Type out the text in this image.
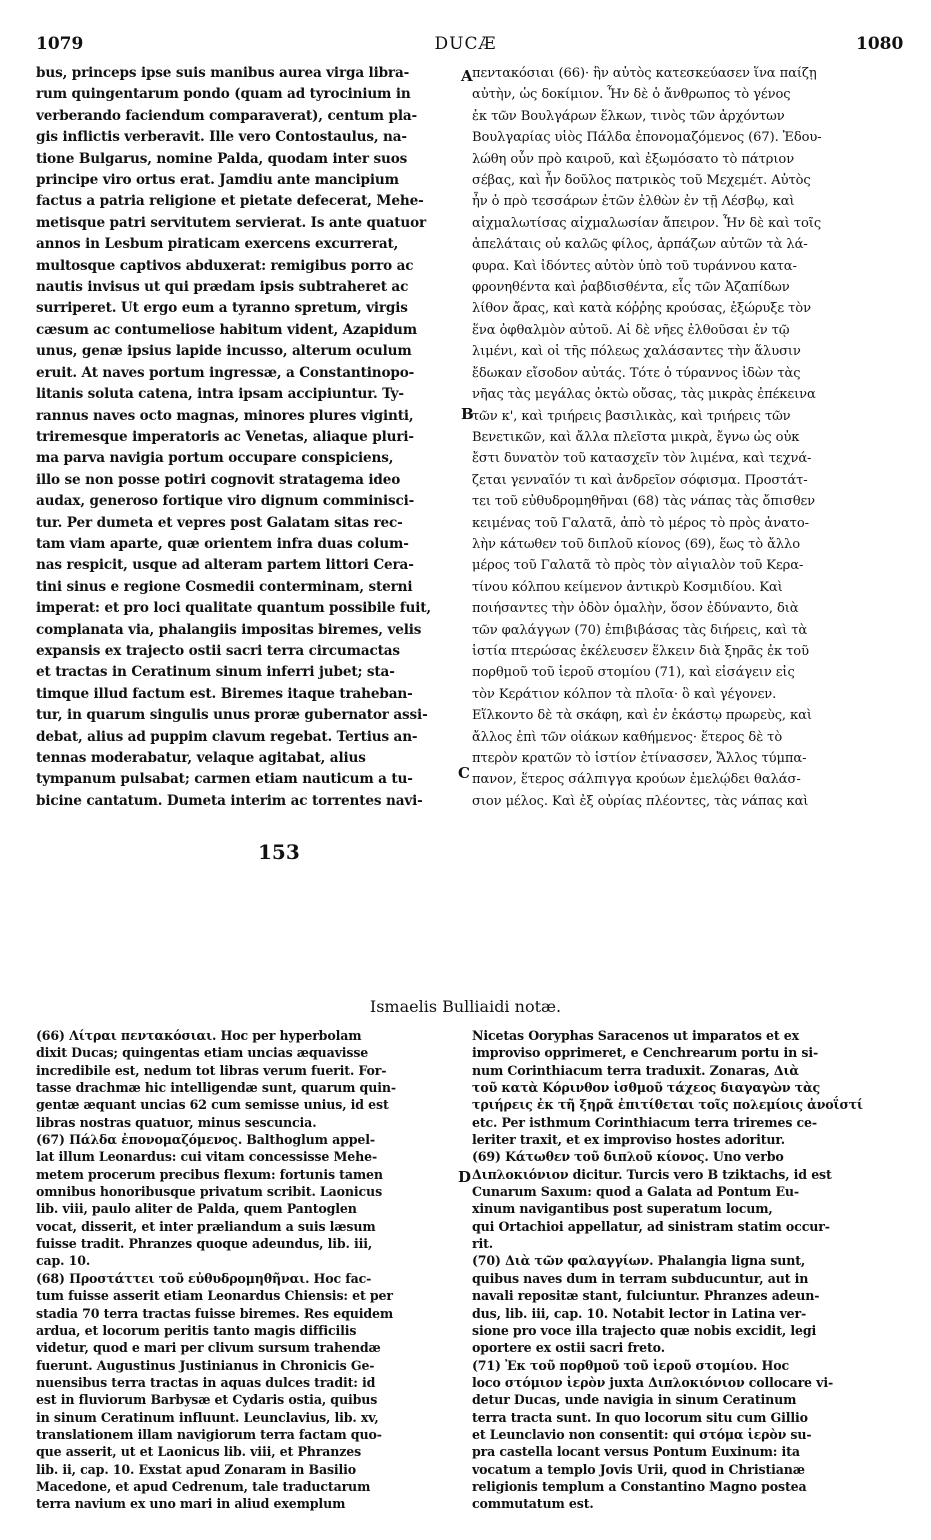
1079	DUCÆ	1080
bus, princeps ipse suis manibus aurea virga libra-
rum quingentarum pondo (quam ad tyrocinium in
verberando faciendum comparaverat), centum pla-
gis inflictis verberavit. Ille vero Contostaulus, na-
tione Bulgarus, nomine Palda, quodam inter suos
principe viro ortus erat. Jamdiu ante mancipium
factus a patria religione et pietate defecerat, Mehe-
metisque patri servitutem servierat. Is ante quatuor
annos in Lesbum piraticam exercens excurrerat,
multosque captivos abduxerat: remigibus porro ac
nautis invisus ut qui prædam ipsis subtraheret ac
surriperet. Ut ergo eum a tyranno spretum, virgis
cæsum ac contumeliose habitum vident, Azapidum
unus, genæ ipsius lapide incusso, alterum oculum
eruit. At naves portum ingressæ, a Constantinopo-
litanis soluta catena, intra ipsam accipiuntur. Ty-
rannus naves octo magnas, minores plures viginti,
triremesque imperatoris ac Venetas, aliaque pluri-
ma parva navigia portum occupare conspiciens,
illo se non posse potiri cognovit stratagema ideo
audax, generoso fortique viro dignum comminisci-
tur. Per dumeta et vepres post Galatam sitas rec-
tam viam aparte, quæ orientem infra duas colum-
nas respicit, usque ad alteram partem littori Cera-
tini sinus e regione Cosmedii conterminam, sterni
imperat: et pro loci qualitate quantum possibile fuit,
complanata via, phalangiis impositas biremes, velis
expansis ex trajecto ostii sacri terra circumactas
et tractas in Ceratinum sinum inferri jubet; sta-
timque illud factum est. Biremes itaque traheban-
tur, in quarum singulis unus proræ gubernator assi-
debat, alius ad puppim clavum regebat. Tertius an-
tennas moderabatur, velaque agitabat, alius
tympanum pulsabat; carmen etiam nauticum a tu-
bicine cantatum. Dumeta interim ac torrentes navi-
πεντακόσιαι (66)· ἣν αὐτὸς κατεσκεύασεν ἵνα παίζῃ
αὐτὴν, ὡς δοκίμιον. Ἦν δὲ ὁ ἄνθρωπος τὸ γένος
ἐκ τῶν Βουλγάρων ἕλκων, τινὸς τῶν ἀρχόντων
Βουλγαρίας υἱὸς Πάλδα ἐπονομαζόμενος (67). Ἐδου-
λώθη οὖν πρὸ καιροῦ, καὶ ἐξωμόσατο τὸ πάτριον
σέβας, καὶ ἦν δοῦλος πατρικὸς τοῦ Μεχεμέτ. Αὐτὸς
ἦν ὁ πρὸ τεσσάρων ἐτῶν ἐλθὼν ἐν τῇ Λέσβῳ, καὶ
αἰχμαλωτίσας αἰχμαλωσίαν ἄπειρον. Ἦν δὲ καὶ τοῖς
ἀπελάταις οὐ καλῶς φίλος, ἁρπάζων αὐτῶν τὰ λά-
φυρα. Καὶ ἰδόντες αὐτὸν ὑπὸ τοῦ τυράννου κατα-
φρονηθέντα καὶ ῥαβδισθέντα, εἷς τῶν Ἀζαπίδων
λίθον ἄρας, καὶ κατὰ κόῤῥης κρούσας, ἐξώρυξε τὸν
ἕνα ὀφθαλμὸν αὐτοῦ. Αἱ δὲ νῆες ἐλθοῦσαι ἐν τῷ
λιμένι, καὶ οἱ τῆς πόλεως χαλάσαντες τὴν ἅλυσιν
ἔδωκαν εἴσοδον αὐτάς. Τότε ὁ τύραννος ἰδὼν τὰς
νῆας τὰς μεγάλας ὀκτὼ οὔσας, τὰς μικρὰς ἐπέκεινα
τῶν κ', καὶ τριήρεις βασιλικὰς, καὶ τριήρεις τῶν
Βενετικῶν, καὶ ἄλλα πλεῖστα μικρὰ, ἔγνω ὡς οὐκ
ἔστι δυνατὸν τοῦ κατασχεῖν τὸν λιμένα, καὶ τεχνά-
ζεται γενναῖόν τι καὶ ἀνδρεῖον σόφισμα. Προστάτ-
τει τοῦ εὐθυδρομηθῆναι (68) τὰς νάπας τὰς ὄπισθεν
κειμένας τοῦ Γαλατᾶ, ἀπὸ τὸ μέρος τὸ πρὸς ἀνατο-
λὴν κάτωθεν τοῦ διπλοῦ κίονος (69), ἕως τὸ ἄλλο
μέρος τοῦ Γαλατᾶ τὸ πρὸς τὸν αἰγιαλὸν τοῦ Κερα-
τίνου κόλπου κείμενον ἀντικρὺ Κοσμιδίου. Καὶ
ποιήσαντες τὴν ὁδὸν ὁμαλὴν, ὅσον ἐδύναντο, διὰ
τῶν φαλάγγων (70) ἐπιβιβάσας τὰς διήρεις, καὶ τὰ
ἱστία πτερώσας ἐκέλευσεν ἕλκειν διὰ ξηρᾶς ἐκ τοῦ
πορθμοῦ τοῦ ἱεροῦ στομίου (71), καὶ εἰσάγειν εἰς
τὸν Κεράτιον κόλπον τὰ πλοῖα· ὃ καὶ γέγονεν.
Εἵλκοντο δὲ τὰ σκάφη, καὶ ἐν ἑκάστῳ πρωρεὺς, καὶ
ἄλλος ἐπὶ τῶν οἰάκων καθήμενος· ἕτερος δὲ τὸ
πτερὸν κρατῶν τὸ ἱστίον ἐτίνασσεν, Ἄλλος τύμπα-
πανον, ἕτερος σάλπιγγα κρούων ἐμελῴδει θαλάσ-
σιον μέλος. Καὶ ἐξ οὐρίας πλέοντες, τὰς νάπας καὶ
A
B
C
D
153
Ismaelis Bulliaidi notæ.
(66) Λίτραι πεντακόσιαι. Hoc per hyperbolam
dixit Ducas; quingentas etiam uncias æquavisse
incredibile est, nedum tot libras verum fuerit. For-
tasse drachmæ hic intelligendæ sunt, quarum quin-
gentæ æquant uncias 62 cum semisse unius, id est
libras nostras quatuor, minus sescuncia.
(67) Πάλδα ἐπονομαζόμενος. Balthoglum appel-
lat illum Leonardus: cui vitam concessisse Mehe-
metem procerum precibus flexum: fortunis tamen
omnibus honoribusque privatum scribit. Laonicus
lib. viii, paulo aliter de Palda, quem Pantoglen
vocat, disserit, et inter præliandum a suis læsum
fuisse tradit. Phranzes quoque adeundus, lib. iii,
cap. 10.
(68) Προστάττει τοῦ εὐθυδρομηθῆναι. Hoc fac-
tum fuisse asserit etiam Leonardus Chiensis: et per
stadia 70 terra tractas fuisse biremes. Res equidem
ardua, et locorum peritis tanto magis difficilis
videtur, quod e mari per clivum sursum trahendæ
fuerunt. Augustinus Justinianus in Chronicis Ge-
nuensibus terra tractas in aquas dulces tradit: id
est in fluviorum Barbysæ et Cydaris ostia, quibus
in sinum Ceratinum influunt. Leunclavius, lib. xv,
translationem illam navigiorum terra factam quo-
que asserit, ut et Laonicus lib. viii, et Phranzes
lib. ii, cap. 10. Exstat apud Zonaram in Basilio
Macedone, et apud Cedrenum, tale traductarum
terra navium ex uno mari in aliud exemplum
Nicetas Ooryphas Saracenos ut imparatos et ex
improviso opprimeret, e Cenchrearum portu in si-
num Corinthiacum terra traduxit. Zonaras, Διὰ
τοῦ κατὰ Κόρινθον ἰσθμοῦ τάχεος διαγαγὼν τὰς
τριήρεις ἐκ τῆ ξηρᾶ ἐπιτίθεται τοῖς πολεμίοις ἀνοΐστί
etc. Per isthmum Corinthiacum terra triremes ce-
leriter traxit, et ex improviso hostes adoritur.
(69) Κάτωθεν τοῦ διπλοῦ κίονος. Uno verbo
Διπλοκιόνιον dicitur. Turcis vero B tziktachs, id est
Cunarum Saxum: quod a Galata ad Pontum Eu-
xinum navigantibus post superatum locum,
qui Ortachioi appellatur, ad sinistram statim occur-
rit.
(70) Διὰ τῶν φαλαγγίων. Phalangia ligna sunt,
quibus naves dum in terram subducuntur, aut in
navali repositæ stant, fulciuntur. Phranzes adeun-
dus, lib. iii, cap. 10. Notabit lector in Latina ver-
sione pro voce illa trajecto quæ nobis excidit, legi
oportere ex ostii sacri freto.
(71) Ἐκ τοῦ πορθμοῦ τοῦ ἱεροῦ στομίου. Hoc
loco στόμιον ἱερὸν juxta Διπλοκιόνιον collocare vi-
detur Ducas, unde navigia in sinum Ceratinum
terra tracta sunt. In quo locorum situ cum Gillio
et Leunclavio non consentit: qui στόμα ἱερὸν su-
pra castella locant versus Pontum Euxinum: ita
vocatum a templo Jovis Urii, quod in Christianæ
religionis templum a Constantino Magno postea
commutatum est.
